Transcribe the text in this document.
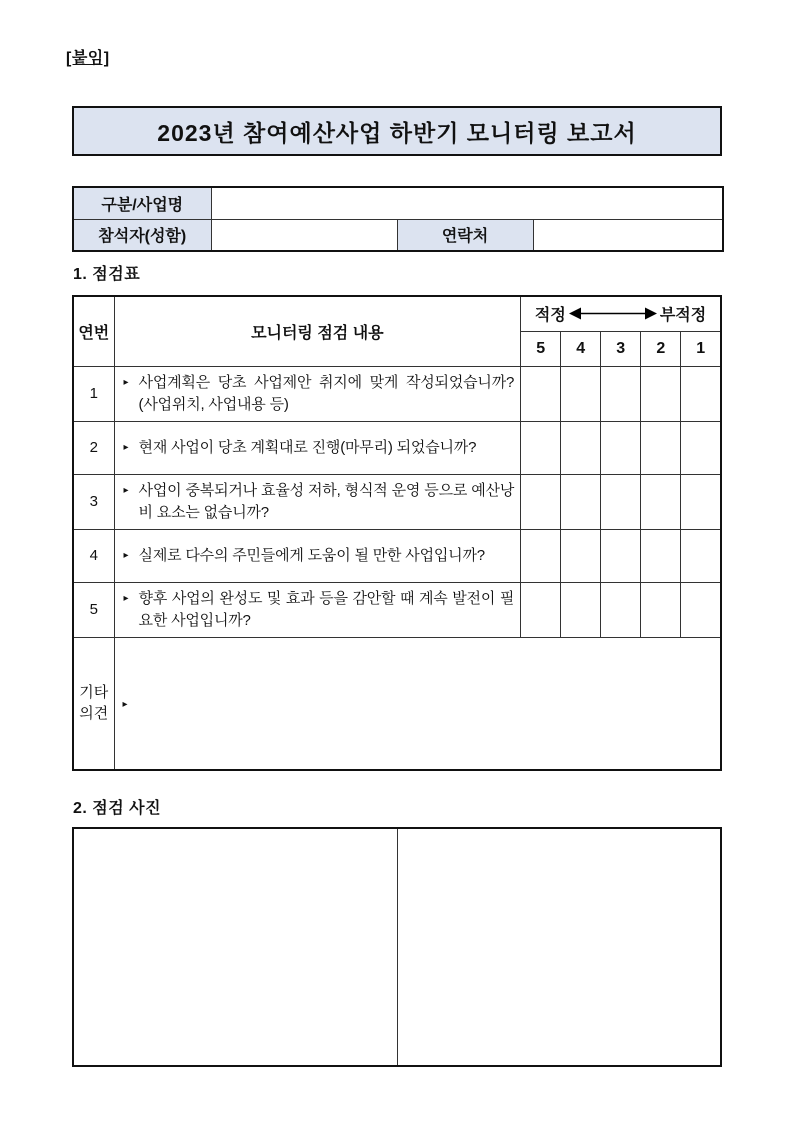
[붙임]
2023년 참여예산사업 하반기 모니터링 보고서
구분/사업명			
참석자(성함)		연락처	
1. 점검표
연번	모니터링 점검 내용	적정 부적정				

		5	4	3	2	1
1	▸ 사업계획은 당초 사업제안 취지에 맞게 작성되었습니까? (사업위치, 사업내용 등)					

2	▸ 현재 사업이 당초 계획대로 진행(마무리) 되었습니까?					

3	▸ 사업이 중복되거나 효율성 저하, 형식적 운영 등으로 예산낭비 요소는 없습니까?					

4	▸ 실제로 다수의 주민들에게 도움이 될 만한 사업입니까?					

5	▸ 향후 사업의 완성도 및 효과 등을 감안할 때 계속 발전이 필요한 사업입니까?					

기타의견	▸					
2. 점검 사진
